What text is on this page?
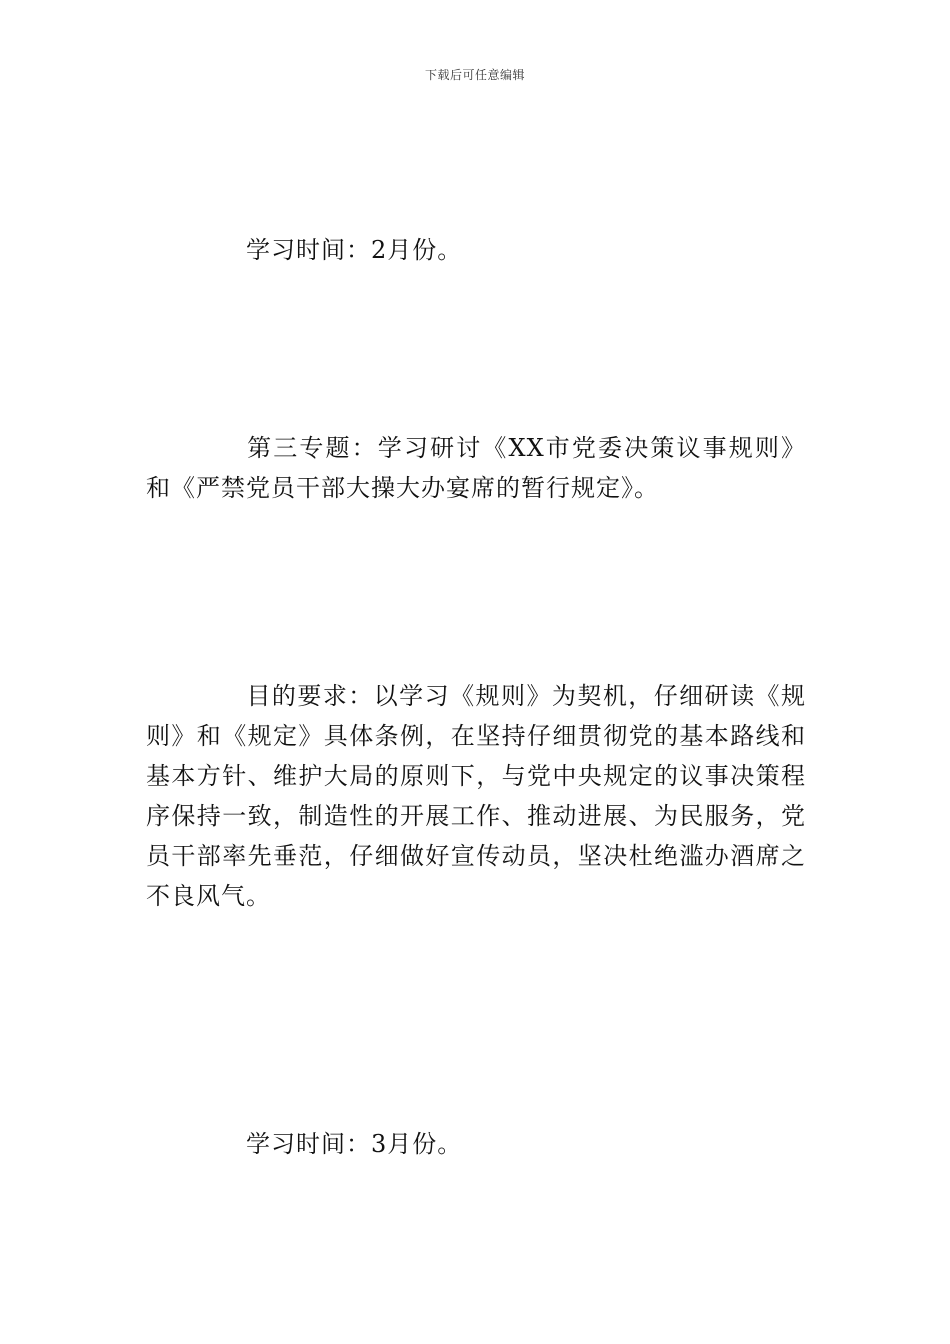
下载后可任意编辑

学习时间：2月份。

第三专题：学习研讨《XX市党委决策议事规则》和《严禁党员干部大操大办宴席的暂行规定》。

目的要求：以学习《规则》为契机，仔细研读《规则》和《规定》具体条例，在坚持仔细贯彻党的基本路线和基本方针、维护大局的原则下，与党中央规定的议事决策程序保持一致，制造性的开展工作、推动进展、为民服务，党员干部率先垂范，仔细做好宣传动员，坚决杜绝滥办酒席之不良风气。

学习时间：3月份。
